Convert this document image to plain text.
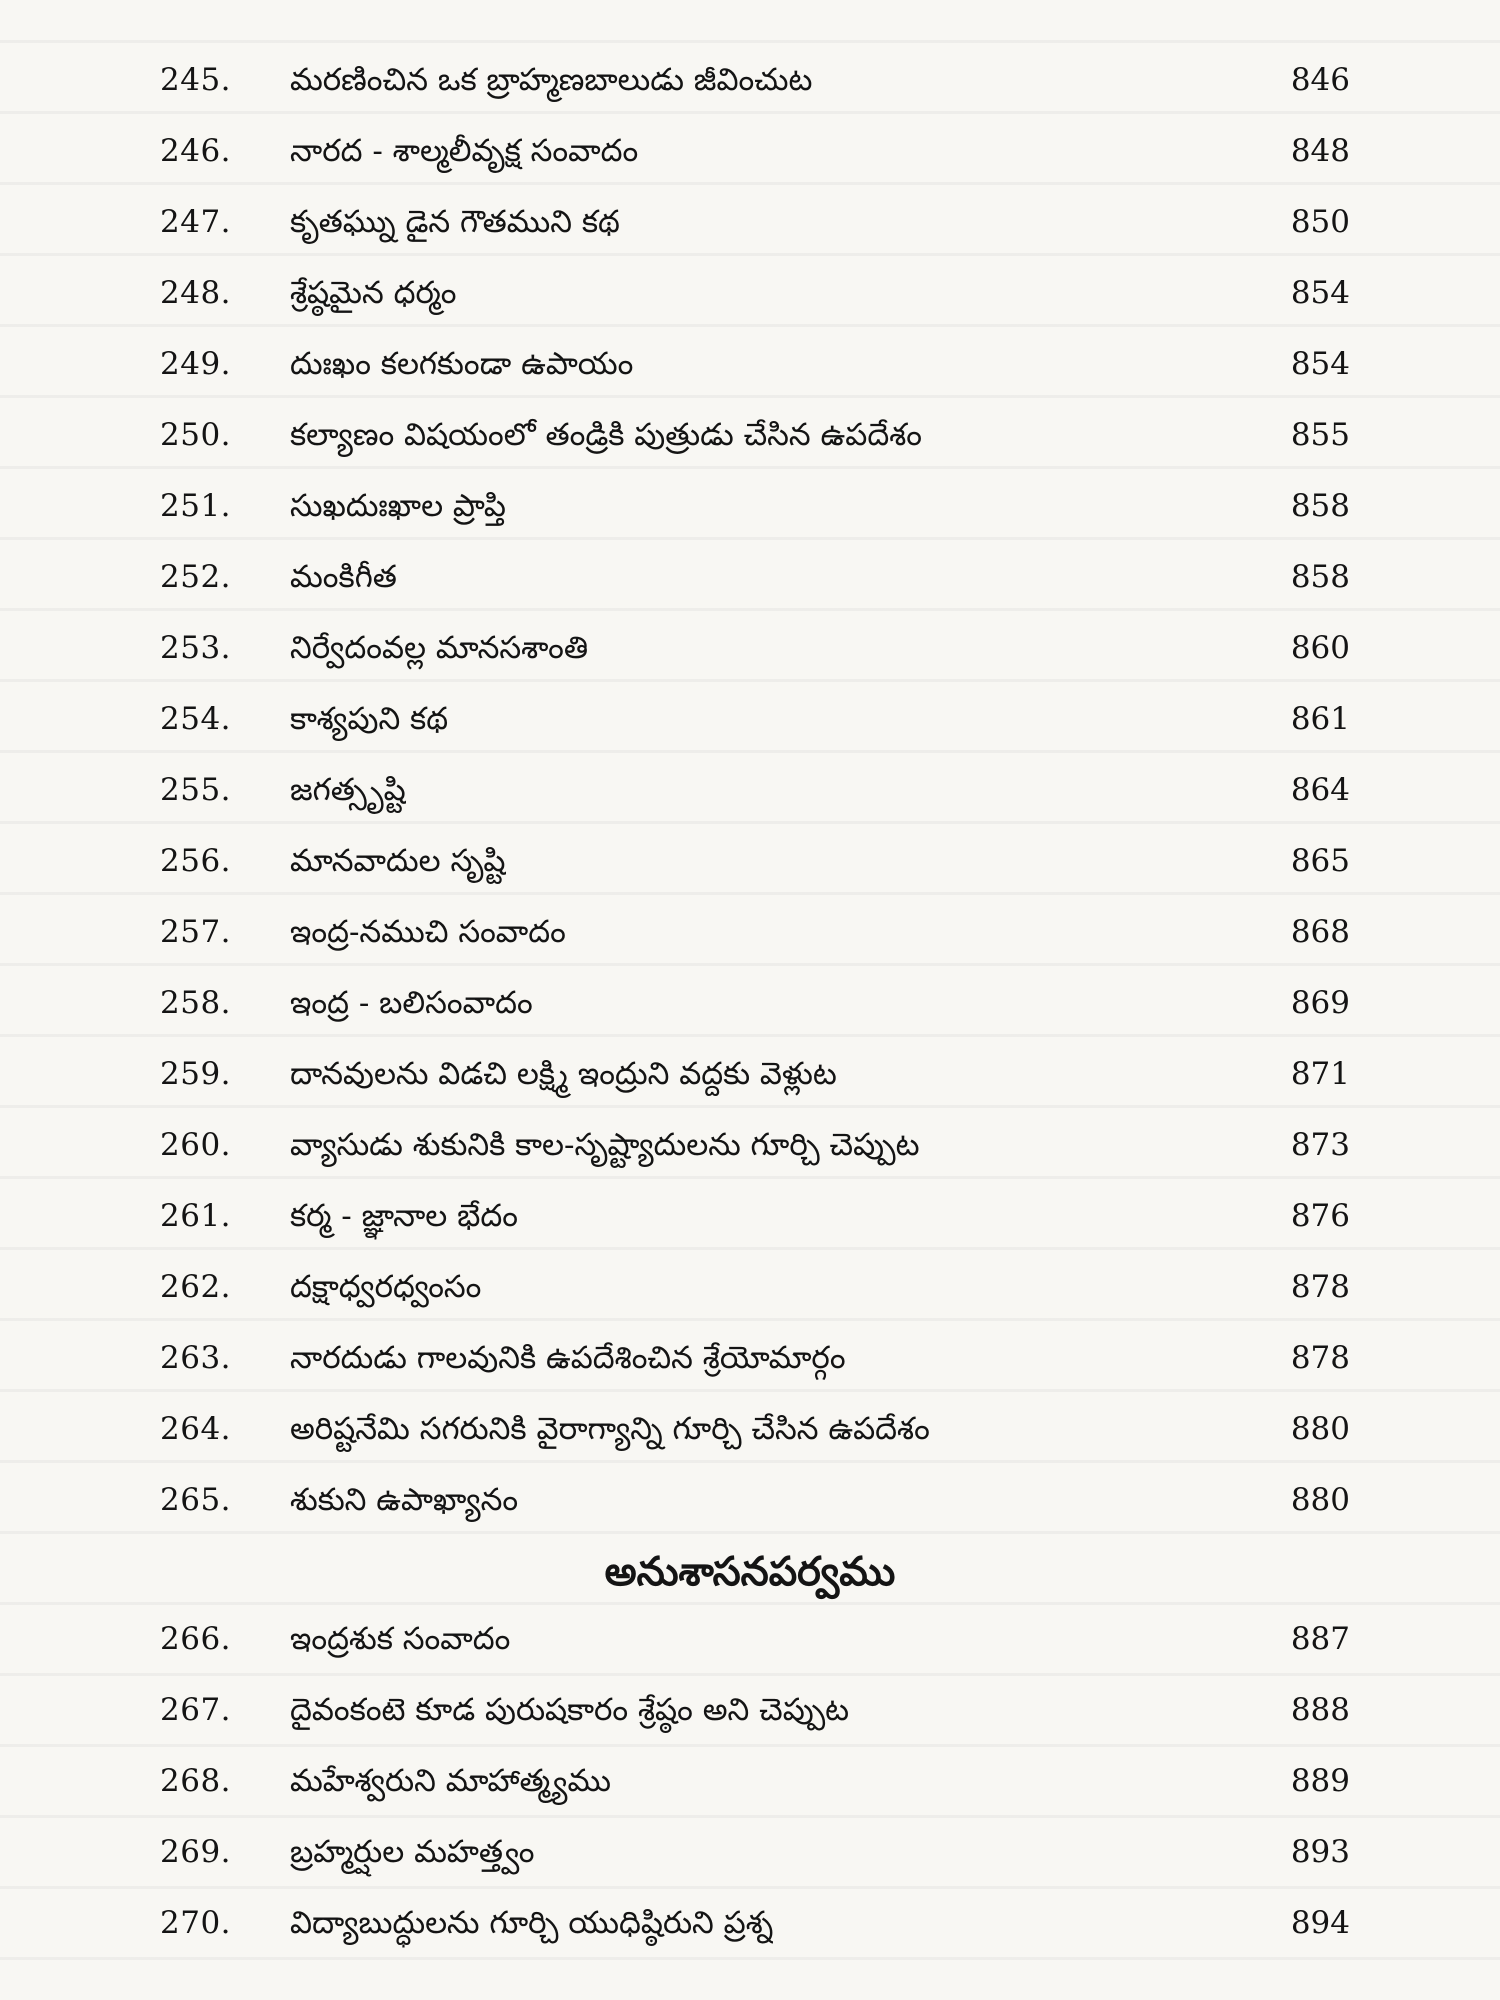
245. మరణించిన ఒక బ్రాహ్మణబాలుడు జీవించుట	846
246. నారద - శాల్మలీవృక్ష సంవాదం	848
247. కృతఘ్ను డైన గౌతముని కథ	850
248. శ్రేష్ఠమైన ధర్మం	854
249. దుఃఖం కలగకుండా ఉపాయం	854
250. కల్యాణం విషయంలో తండ్రికి పుత్రుడు చేసిన ఉపదేశం	855
251. సుఖదుఃఖాల ప్రాప్తి	858
252. మంకిగీత	858
253. నిర్వేదంవల్ల మానసశాంతి	860
254. కాశ్యపుని కథ	861
255. జగత్సృష్టి	864
256. మానవాదుల సృష్టి	865
257. ఇంద్ర-నముచి సంవాదం	868
258. ఇంద్ర - బలిసంవాదం	869
259. దానవులను విడచి లక్ష్మి ఇంద్రుని వద్దకు వెళ్లుట	871
260. వ్యాసుడు శుకునికి కాల-సృష్ట్యాదులను గూర్చి చెప్పుట	873
261. కర్మ - జ్ఞానాల భేదం	876
262. దక్షాధ్వరధ్వంసం	878
263. నారదుడు గాలవునికి ఉపదేశించిన శ్రేయోమార్గం	878
264. అరిష్టనేమి సగరునికి వైరాగ్యాన్ని గూర్చి చేసిన ఉపదేశం	880
265. శుకుని ఉపాఖ్యానం	880
అనుశాసనపర్వము
266. ఇంద్రశుక సంవాదం	887
267. దైవంకంటె కూడ పురుషకారం శ్రేష్ఠం అని చెప్పుట	888
268. మహేశ్వరుని మాహాత్మ్యము	889
269. బ్రహ్మర్షుల మహత్త్వం	893
270. విద్యాబుద్ధులను గూర్చి యుధిష్ఠిరుని ప్రశ్న	894
